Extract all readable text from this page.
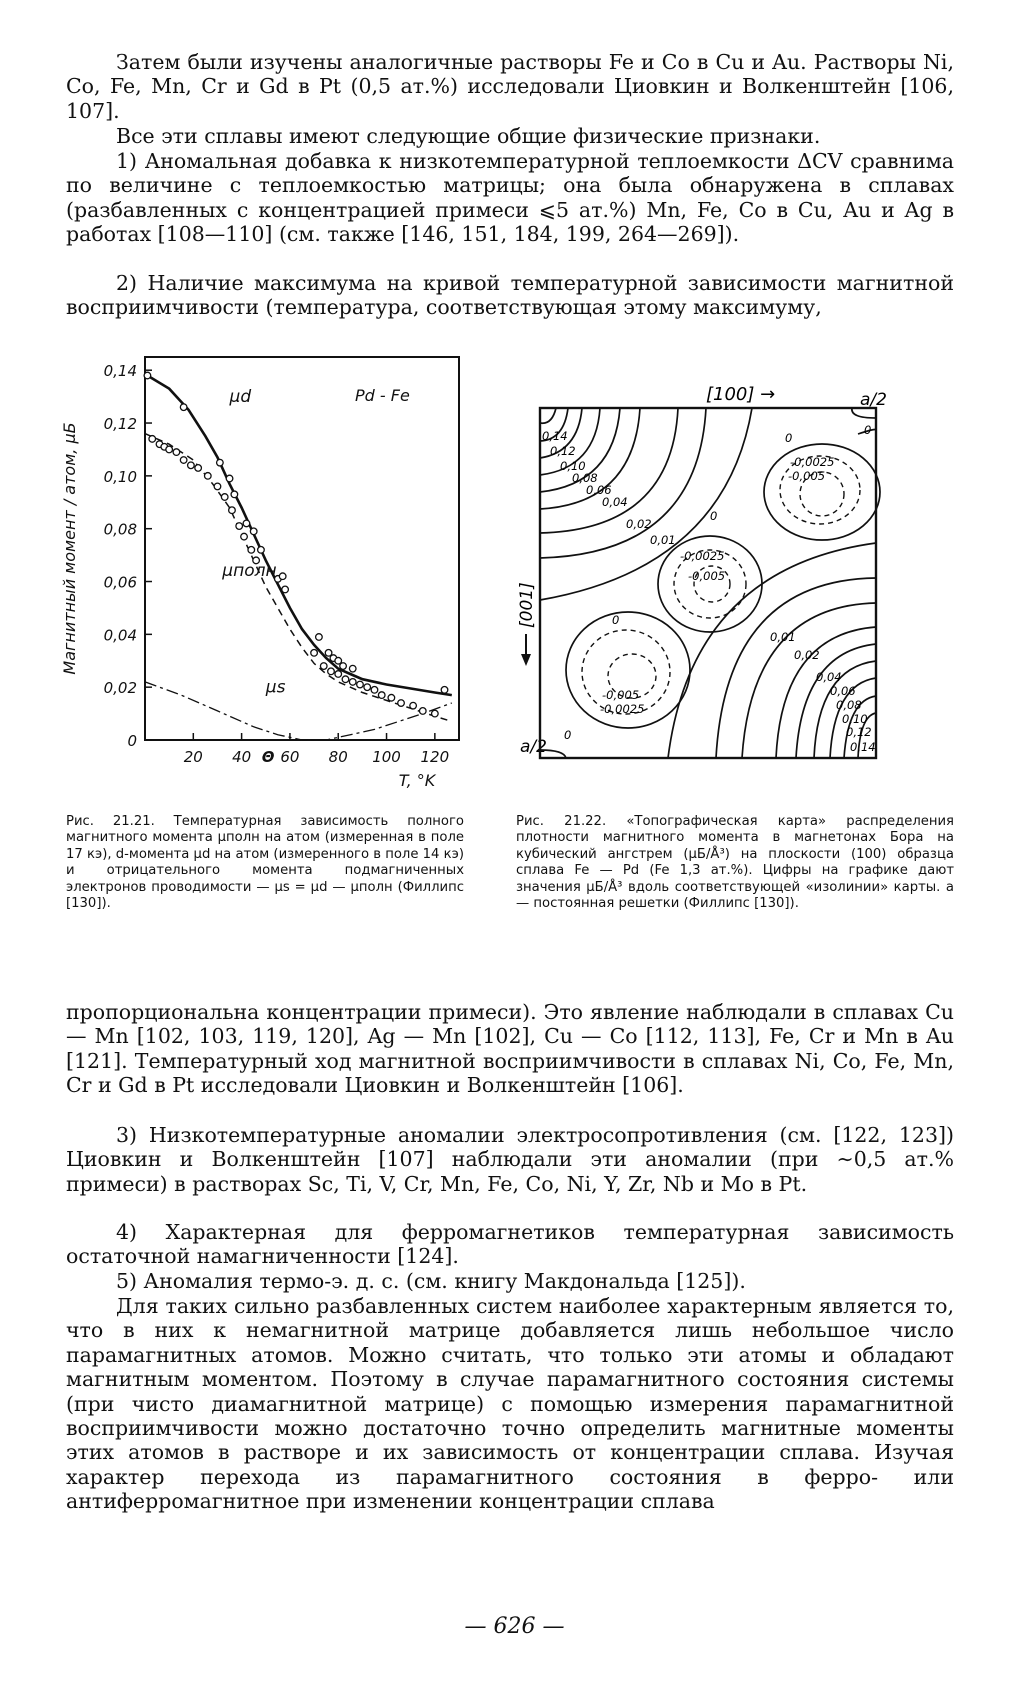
Затем были изучены аналогичные растворы Fe и Co в Cu и Au. Растворы Ni, Co, Fe, Mn, Cr и Gd в Pt (0,5 ат.%) исследовали Циовкин и Волкенштейн [106, 107].

Все эти сплавы имеют следующие общие физические признаки.

1) Аномальная добавка к низкотемпературной теплоемкости ΔCV сравнима по величине с теплоемкостью матрицы; она была обнаружена в сплавах (разбавленных с концентрацией примеси ⩽5 ат.%) Mn, Fe, Co в Cu, Au и Ag в работах [108—110] (см. также [146, 151, 184, 199, 264—269]).

2) Наличие максимума на кривой температурной зависимости магнитной восприимчивости (температура, соответствующая этому максимуму,

0
0,02
0,04
0,06
0,08
0,10
0,12
0,14
20 40 60 80 100 120
Θ
T, °K
Магнитный момент / атом, μБ
Pd - Fe
μd
μполн
μs
[100] →	a/2
a/2
[001]
0,14
0,12
0,10
0,08
0,06
0,04
0,02
0,01
0
-0,0025
-0,005
0
-0,0025
-0,005
0
-0,005
-0,0025
0
0,01
0,02
0,04
0,06
0,08
0,10
0,12
0,14
0

Рис. 21.21. Температурная зависимость полного магнитного момента μполн на атом (измеренная в поле 17 кэ), d-момента μd на атом (измеренного в поле 14 кэ) и отрицательного момента подмагниченных электронов проводимости — μs = μd — μполн (Филлипс [130]).

Рис. 21.22. «Топографическая карта» распределения плотности магнитного момента в магнетонах Бора на кубический ангстрем (μБ/Å³) на плоскости (100) образца сплава Fe — Pd (Fe 1,3 ат.%). Цифры на графике дают значения μБ/Å³ вдоль соответствующей «изолинии» карты. a — постоянная решетки (Филлипс [130]).

пропорциональна концентрации примеси). Это явление наблюдали в сплавах Cu — Mn [102, 103, 119, 120], Ag — Mn [102], Cu — Co [112, 113], Fe, Cr и Mn в Au [121]. Температурный ход магнитной восприимчивости в сплавах Ni, Co, Fe, Mn, Cr и Gd в Pt исследовали Циовкин и Волкенштейн [106].

3) Низкотемпературные аномалии электросопротивления (см. [122, 123]) Циовкин и Волкенштейн [107] наблюдали эти аномалии (при ∼0,5 ат.% примеси) в растворах Sc, Ti, V, Cr, Mn, Fe, Co, Ni, Y, Zr, Nb и Mo в Pt.

4) Характерная для ферромагнетиков температурная зависимость остаточной намагниченности [124].

5) Аномалия термо-э. д. с. (см. книгу Макдональда [125]).

Для таких сильно разбавленных систем наиболее характерным является то, что в них к немагнитной матрице добавляется лишь небольшое число парамагнитных атомов. Можно считать, что только эти атомы и обладают магнитным моментом. Поэтому в случае парамагнитного состояния системы (при чисто диамагнитной матрице) с помощью измерения парамагнитной восприимчивости можно достаточно точно определить магнитные моменты этих атомов в растворе и их зависимость от концентрации сплава. Изучая характер перехода из парамагнитного состояния в ферро- или антиферромагнитное при изменении концентрации сплава

— 626 —
